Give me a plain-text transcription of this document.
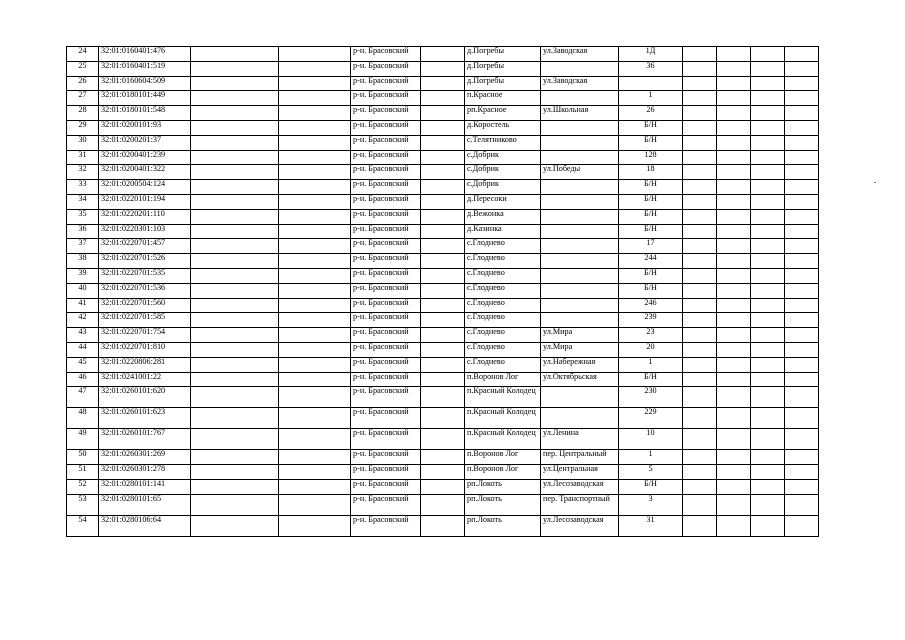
24	32:01:0160401:476			р-н. Брасовский		д.Погребы	ул.Заводская	1Д				
25	32:01:0160401:519			р-н. Брасовский		д.Погребы		36				
26	32:01:0160604:509			р-н. Брасовский		д.Погребы	ул.Заводская					
27	32:01:0180101:449			р-н. Брасовский		п.Красное		1				
28	32:01:0180101:548			р-н. Брасовский		рп.Красное	ул.Школьная	26				
29	32:01:0200101:93			р-н. Брасовский		д.Коростель		Б/Н				
30	32:01:0200201:37			р-н. Брасовский		с.Телятниково		Б/Н				
31	32:01:0200401:239			р-н. Брасовский		с.Добрик		128				
32	32:01:0200401:322			р-н. Брасовский		с.Добрик	ул.Победы	18				
33	32:01:0200504:124			р-н. Брасовский		с.Добрик		Б/Н				
34	32:01:0220101:194			р-н. Брасовский		д.Пересоки		Б/Н				
35	32:01:0220201:110			р-н. Брасовский		д.Вежонка		Б/Н				
36	32:01:0220301:103			р-н. Брасовский		д.Казинка		Б/Н				
37	32:01:0220701:457			р-н. Брасовский		с.Глоднево		17				
38	32:01:0220701:526			р-н. Брасовский		с.Глоднево		244				
39	32:01:0220701:535			р-н. Брасовский		с.Глоднево		Б/Н				
40	32:01:0220701:536			р-н. Брасовский		с.Глоднево		Б/Н				
41	32:01:0220701:560			р-н. Брасовский		с.Глоднево		246				
42	32:01:0220701:585			р-н. Брасовский		с.Глоднево		239				
43	32:01:0220701:754			р-н. Брасовский		с.Глоднево	ул.Мира	23				
44	32:01:0220701:810			р-н. Брасовский		с.Глоднево	ул.Мира	20				
45	32:01:0220806:281			р-н. Брасовский		с.Глоднево	ул.Набережная	1				
46	32:01:0241001:22			р-н. Брасовский		п.Воронов Лог	ул.Октябрьская	Б/Н				
47	32:01:0260101:620			р-н. Брасовский		п.Красный Колодец		230				
48	32:01:0260101:623			р-н. Брасовский		п.Красный Колодец		229				
49	32:01:0260101:767			р-н. Брасовский		п.Красный Колодец	ул.Ленина	10				
50	32:01:0260301:269			р-н. Брасовский		п.Воронов Лог	пер. Центральный	1				
51	32:01:0260301:278			р-н. Брасовский		п.Воронов Лог	ул.Центральная	5				
52	32:01:0280101:141			р-н. Брасовский		рп.Локоть	ул.Лесозаводская	Б/Н				
53	32:01:0280101:65			р-н. Брасовский		рп.Локоть	пер. Транспортный	3				
54	32:01:0280106:64			р-н. Брасовский		рп.Локоть	ул.Лесозаводская	31				
